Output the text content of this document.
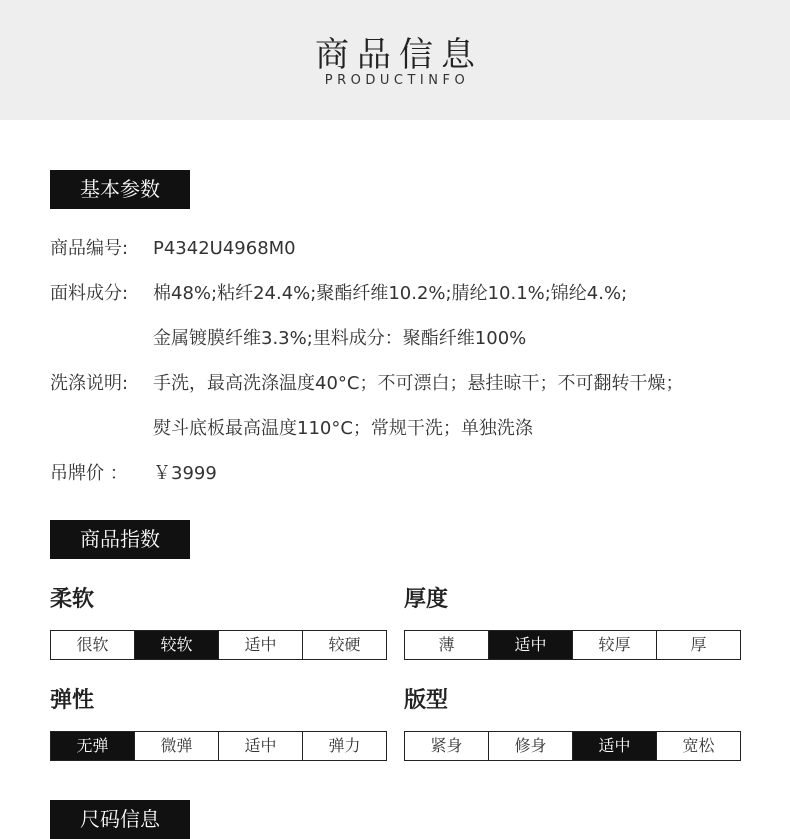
商品信息
PRODUCTINFO
基本参数
商品编号: P4342U4968M0
面料成分: 棉48%;粘纤24.4%;聚酯纤维10.2%;腈纶10.1%;锦纶4.%;
金属镀膜纤维3.3%;里料成分：聚酯纤维100%
洗涤说明: 手洗，最高洗涤温度40°C；不可漂白；悬挂晾干；不可翻转干燥；
熨斗底板最高温度110°C；常规干洗；单独洗涤
吊牌价 ： ￥3999
商品指数
柔软
很软	较软	适中	较硬
厚度
薄	适中	较厚	厚
弹性
无弹	微弹	适中	弹力
版型
紧身	修身	适中	宽松
尺码信息
